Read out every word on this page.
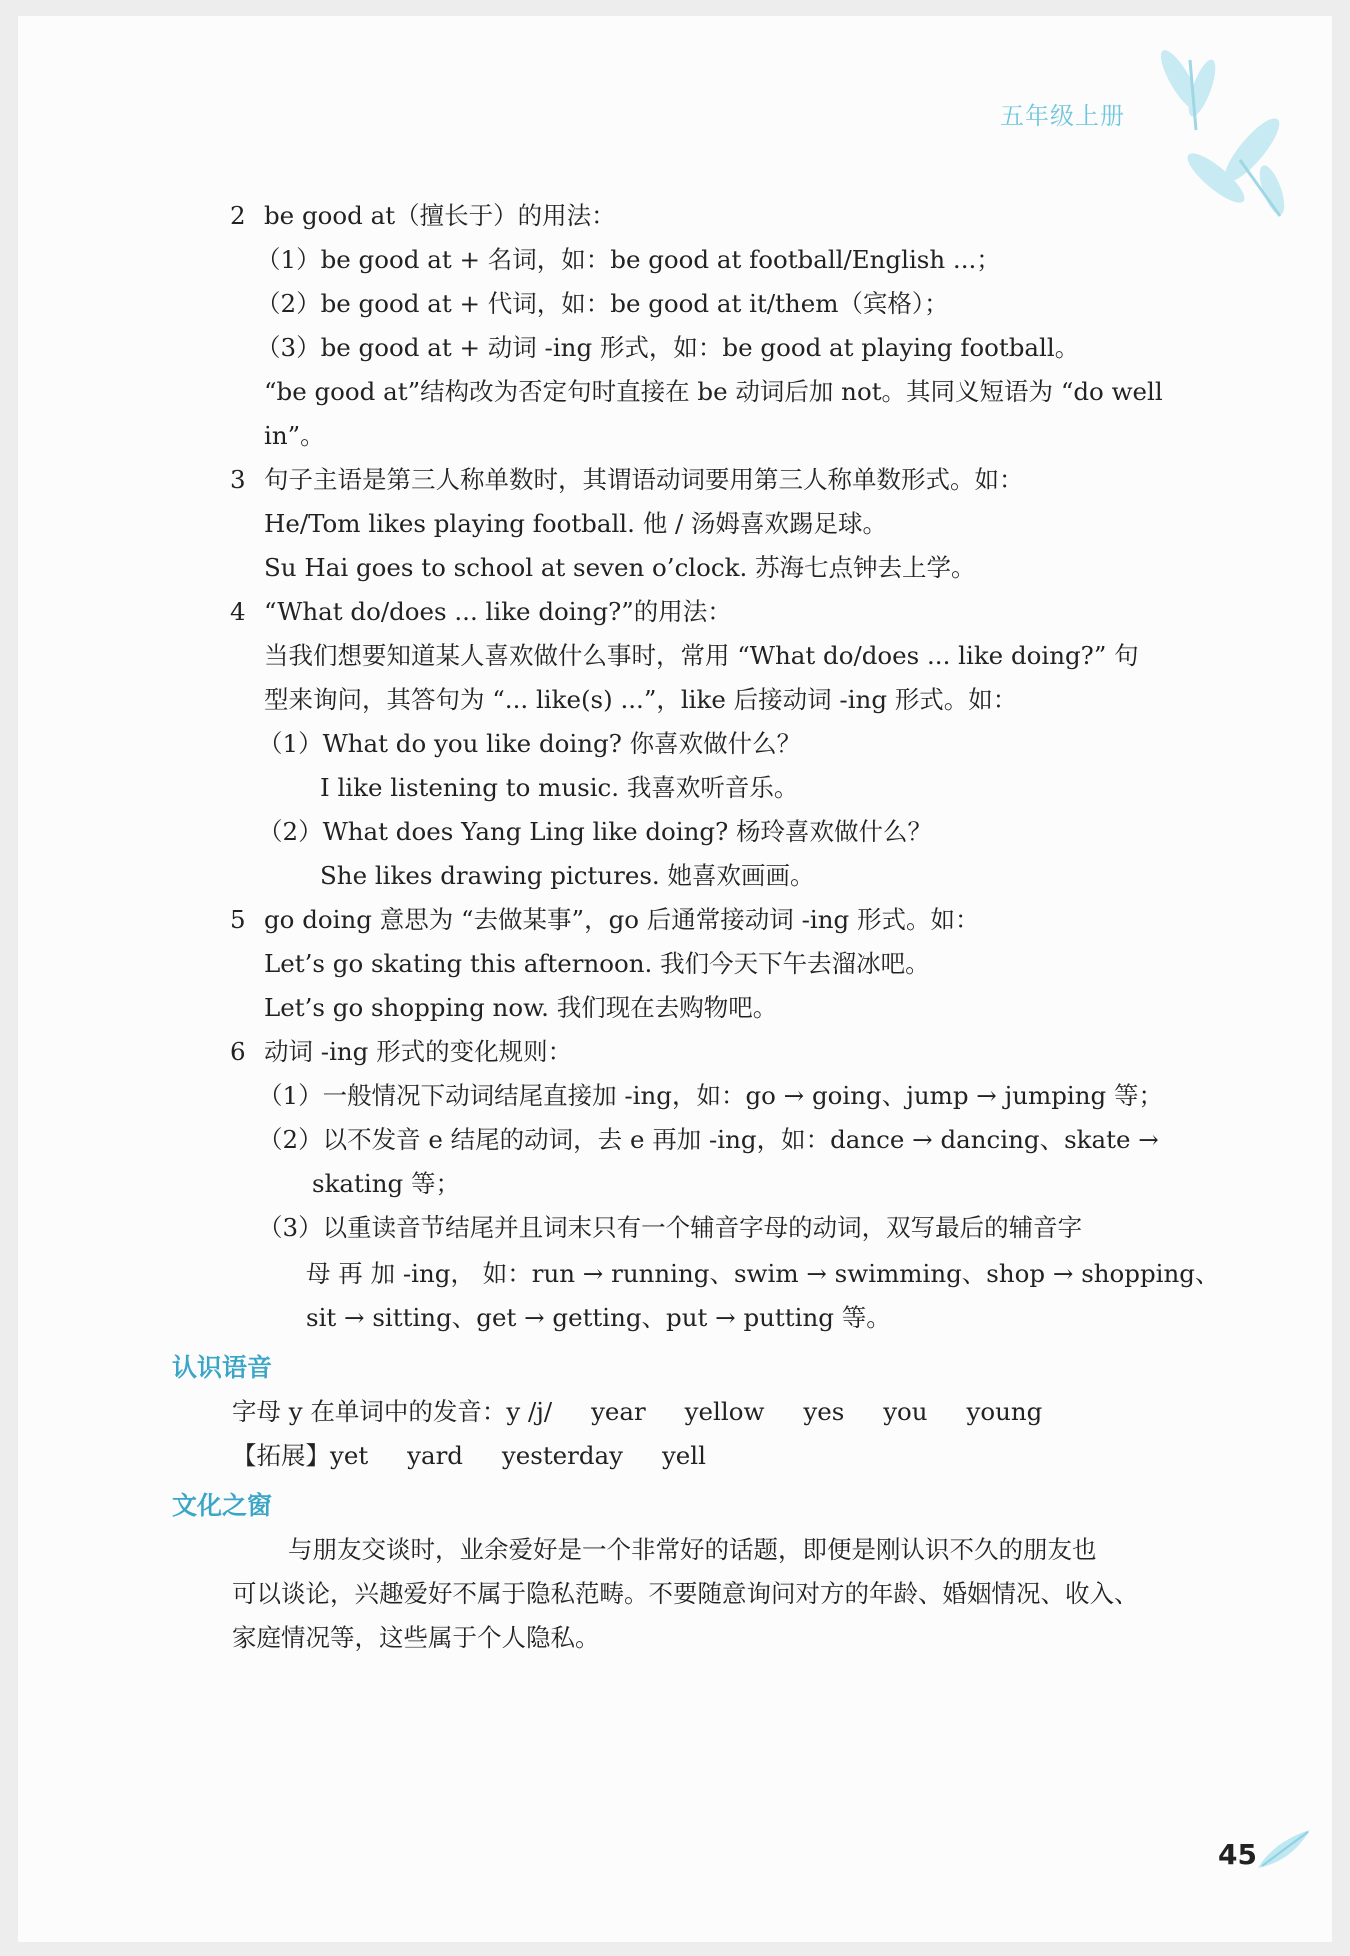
五年级上册
2 be good at（擅长于）的用法：
（1）be good at + 名词，如：be good at football/English ...；
（2）be good at + 代词，如：be good at it/them（宾格）；
（3）be good at + 动词 -ing 形式，如：be good at playing football。
“be good at”结构改为否定句时直接在 be 动词后加 not。其同义短语为 “do well
in”。
3 句子主语是第三人称单数时，其谓语动词要用第三人称单数形式。如：
He/Tom likes playing football. 他 / 汤姆喜欢踢足球。
Su Hai goes to school at seven o’clock. 苏海七点钟去上学。
4 “What do/does ... like doing?”的用法：
当我们想要知道某人喜欢做什么事时，常用 “What do/does ... like doing?” 句
型来询问，其答句为 “... like(s) ...”，like 后接动词 -ing 形式。如：
（1）What do you like doing? 你喜欢做什么？
I like listening to music. 我喜欢听音乐。
（2）What does Yang Ling like doing? 杨玲喜欢做什么？
She likes drawing pictures. 她喜欢画画。
5 go doing 意思为 “去做某事”，go 后通常接动词 -ing 形式。如：
Let’s go skating this afternoon. 我们今天下午去溜冰吧。
Let’s go shopping now. 我们现在去购物吧。
6 动词 -ing 形式的变化规则：
（1）一般情况下动词结尾直接加 -ing，如：go → going、jump → jumping 等；
（2）以不发音 e 结尾的动词，去 e 再加 -ing，如：dance → dancing、skate →
skating 等；
（3）以重读音节结尾并且词末只有一个辅音字母的动词，双写最后的辅音字
母 再 加 -ing， 如：run → running、swim → swimming、shop → shopping、
sit → sitting、get → getting、put → putting 等。
认识语音
字母 y 在单词中的发音：y /j/     year     yellow     yes     you     young
【拓展】yet     yard     yesterday     yell
文化之窗
与朋友交谈时，业余爱好是一个非常好的话题，即便是刚认识不久的朋友也
可以谈论，兴趣爱好不属于隐私范畴。不要随意询问对方的年龄、婚姻情况、收入、
家庭情况等，这些属于个人隐私。
45
